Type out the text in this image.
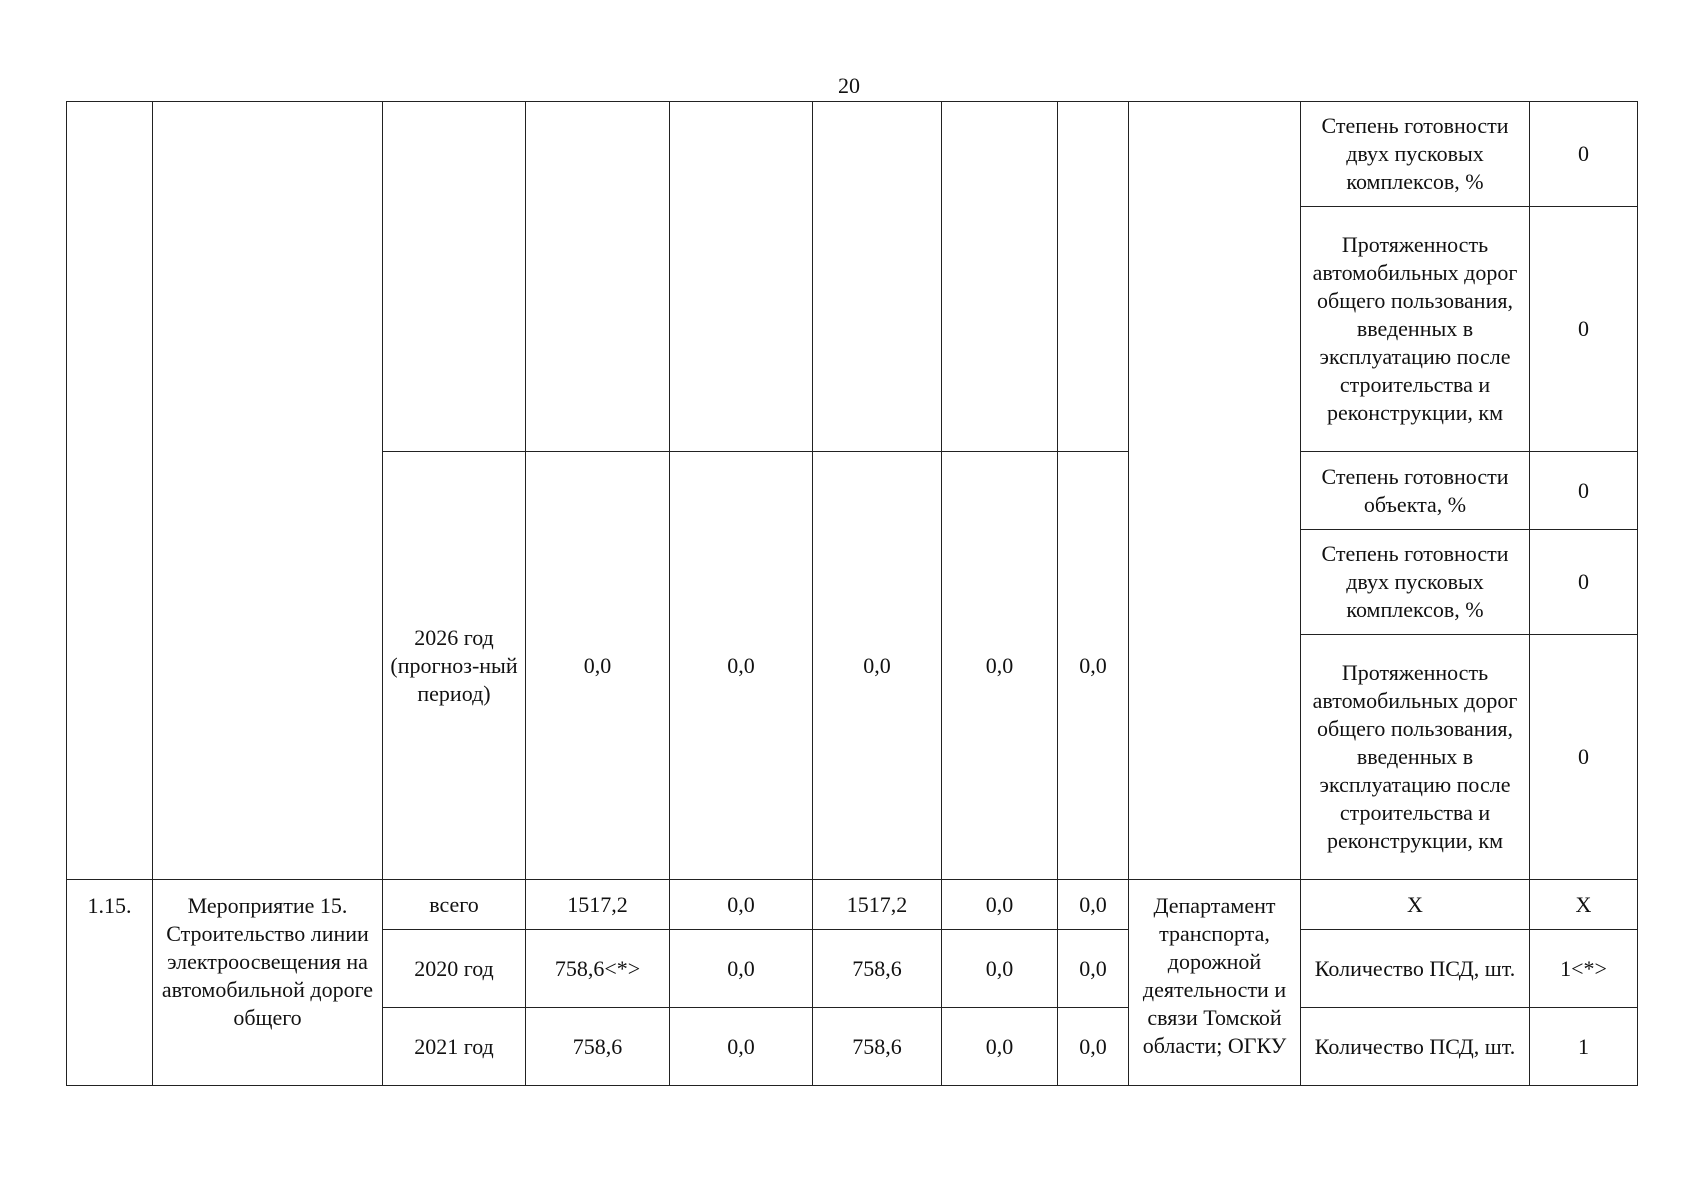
20
									Степень готовности двух пусковых комплексов, %	0
									Протяженность автомобильных дорог общего пользования, введенных в эксплуатацию после строительства и реконструкции, км	0
		2026 год (прогноз-ный период)	0,0	0,0	0,0	0,0	0,0		Степень готовности объекта, %	0
									Степень готовности двух пусковых комплексов, %	0
									Протяженность автомобильных дорог общего пользования, введенных в эксплуатацию после строительства и реконструкции, км	0
1.15.	Мероприятие 15. Строительство линии электроосвещения на автомобильной дороге общего	всего	1517,2	0,0	1517,2	0,0	0,0	Департамент транспорта, дорожной деятельности и связи Томской области; ОГКУ	Х	Х
		2020 год	758,6<*>	0,0	758,6	0,0	0,0		Количество ПСД, шт.	1<*>
		2021 год	758,6	0,0	758,6	0,0	0,0		Количество ПСД, шт.	1
